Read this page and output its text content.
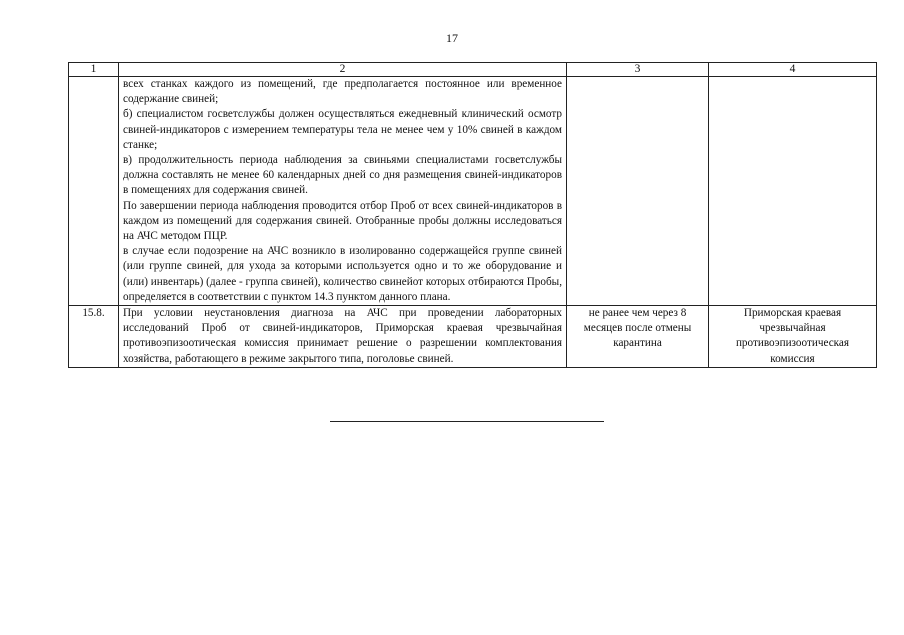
17
1	2	3	4

	всех станках каждого из помещений, где предполагается постоянное или временное содержание свиней;
б) специалистом госветслужбы должен осуществляться ежедневный клинический осмотр свиней-индикаторов с измерением температуры тела не менее чем у 10% свиней в каждом станке;
в) продолжительность периода наблюдения за свиньями специалистами госветслужбы должна составлять не менее 60 календарных дней со дня размещения свиней-индикаторов в помещениях для содержания свиней.
По завершении периода наблюдения проводится отбор Проб от всех свиней-индикаторов в каждом из помещений для содержания свиней. Отобранные пробы должны исследоваться на АЧС методом ПЦР.
в случае если подозрение на АЧС возникло в изолированно содержащейся группе свиней (или группе свиней, для ухода за которыми используется одно и то же оборудование и (или) инвентарь) (далее - группа свиней), количество свинейот которых отбираются Пробы, определяется в соответствии с пунктом 14.3 пунктом данного плана.		

15.8.	При условии неустановления диагноза на АЧС при проведении лабораторных исследований Проб от свиней-индикаторов, Приморская краевая чрезвычайная противоэпизоотическая комиссия принимает решение о разрешении комплектования хозяйства, работающего в режиме закрытого типа, поголовье свиней.	не ранее чем через 8 месяцев после отмены карантина	Приморская краевая чрезвычайная противоэпизоотическая комиссия
